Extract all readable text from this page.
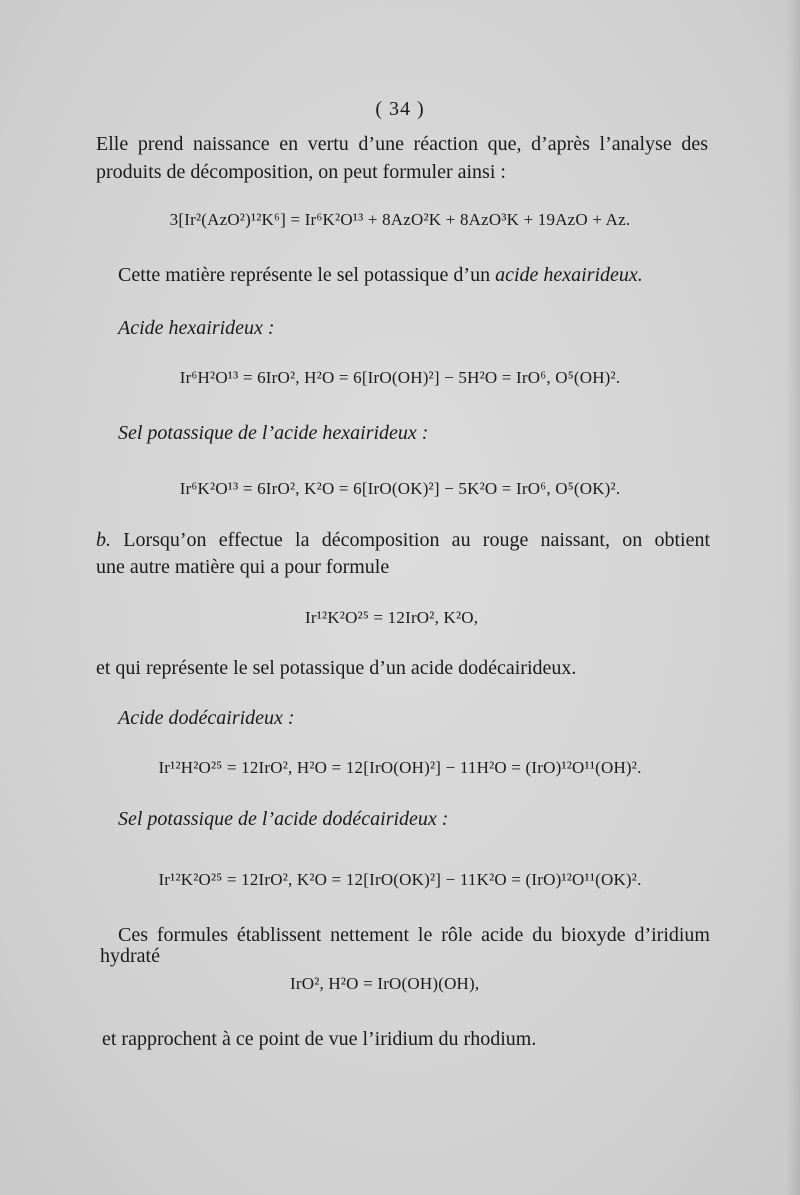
( 34 )
Elle prend naissance en vertu d’une réaction que, d’après l’analyse des
produits de décomposition, on peut formuler ainsi :
3[Ir²(AzO²)¹²K⁶] = Ir⁶K²O¹³ + 8AzO²K + 8AzO³K + 19AzO + Az.
Cette matière représente le sel potassique d’un acide hexairideux.
Acide hexairideux :
Ir⁶H²O¹³ = 6IrO², H²O = 6[IrO(OH)²] − 5H²O = IrO⁶, O⁵(OH)².
Sel potassique de l’acide hexairideux :
Ir⁶K²O¹³ = 6IrO², K²O = 6[IrO(OK)²] − 5K²O = IrO⁶, O⁵(OK)².
b. Lorsqu’on effectue la décomposition au rouge naissant, on obtient
une autre matière qui a pour formule
Ir¹²K²O²⁵ = 12IrO², K²O,
et qui représente le sel potassique d’un acide dodécairideux.
Acide dodécairideux :
Ir¹²H²O²⁵ = 12IrO², H²O = 12[IrO(OH)²] − 11H²O = (IrO)¹²O¹¹(OH)².
Sel potassique de l’acide dodécairideux :
Ir¹²K²O²⁵ = 12IrO², K²O = 12[IrO(OK)²] − 11K²O = (IrO)¹²O¹¹(OK)².
Ces formules établissent nettement le rôle acide du bioxyde d’iridium
hydraté
IrO², H²O = IrO(OH)(OH),
et rapprochent à ce point de vue l’iridium du rhodium.
